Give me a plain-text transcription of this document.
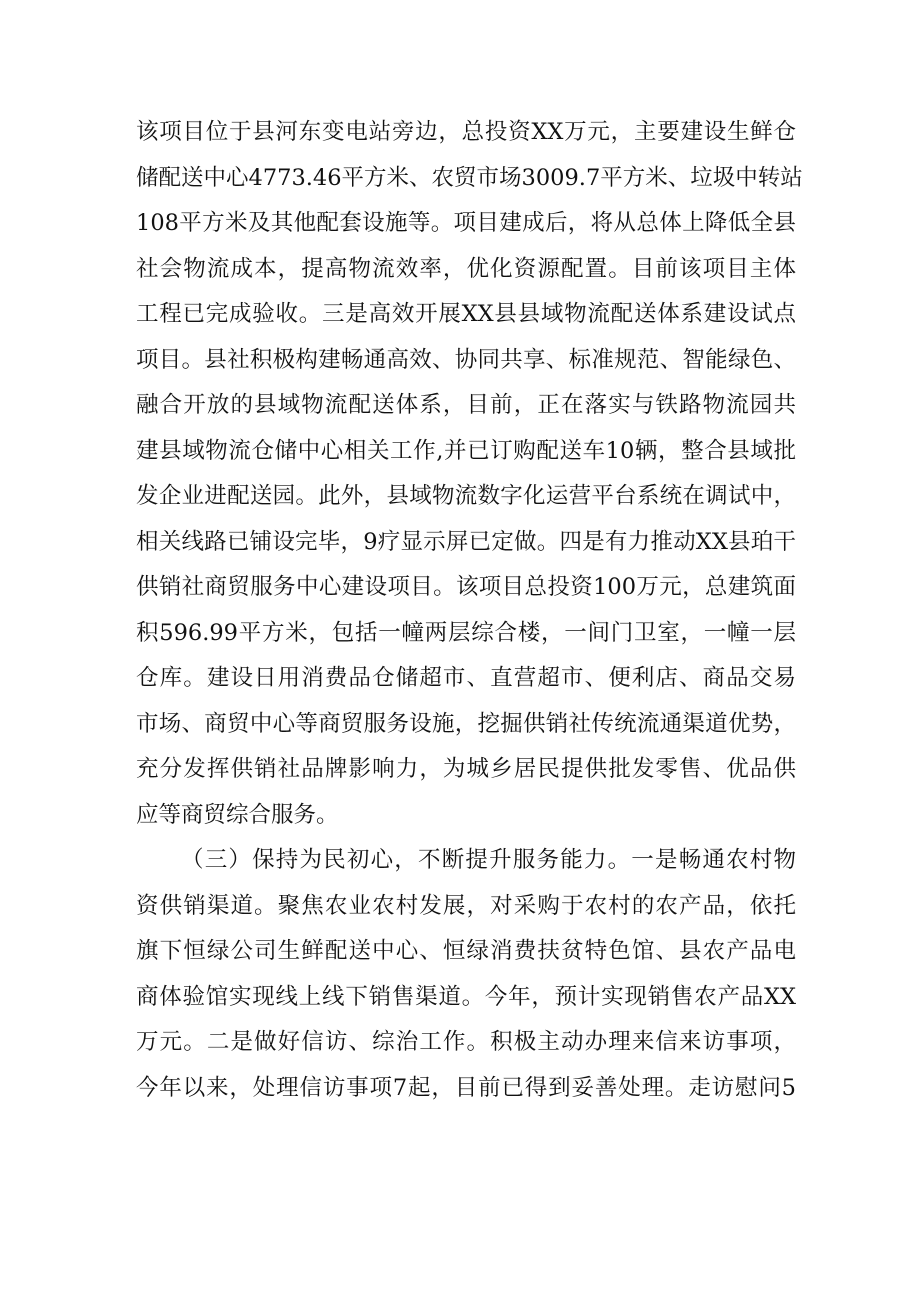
该项目位于县河东变电站旁边，总投资XX万元，主要建设生鲜仓
储配送中心4773.46平方米、农贸市场3009.7平方米、垃圾中转站
108平方米及其他配套设施等。项目建成后，将从总体上降低全县
社会物流成本，提高物流效率，优化资源配置。目前该项目主体
工程已完成验收。三是高效开展XX县县域物流配送体系建设试点
项目。县社积极构建畅通高效、协同共享、标准规范、智能绿色、
融合开放的县域物流配送体系，目前，正在落实与铁路物流园共
建县域物流仓储中心相关工作,并已订购配送车10辆，整合县域批
发企业进配送园。此外，县域物流数字化运营平台系统在调试中，
相关线路已铺设完毕，9疗显示屏已定做。四是有力推动XX县珀干
供销社商贸服务中心建设项目。该项目总投资100万元，总建筑面
积596.99平方米，包括一幢两层综合楼，一间门卫室，一幢一层
仓库。建设日用消费品仓储超市、直营超市、便利店、商品交易
市场、商贸中心等商贸服务设施，挖掘供销社传统流通渠道优势，
充分发挥供销社品牌影响力，为城乡居民提供批发零售、优品供
应等商贸综合服务。
（三）保持为民初心，不断提升服务能力。一是畅通农村物
资供销渠道。聚焦农业农村发展，对采购于农村的农产品，依托
旗下恒绿公司生鲜配送中心、恒绿消费扶贫特色馆、县农产品电
商体验馆实现线上线下销售渠道。今年，预计实现销售农产品XX
万元。二是做好信访、综治工作。积极主动办理来信来访事项，
今年以来，处理信访事项7起，目前已得到妥善处理。走访慰问5
